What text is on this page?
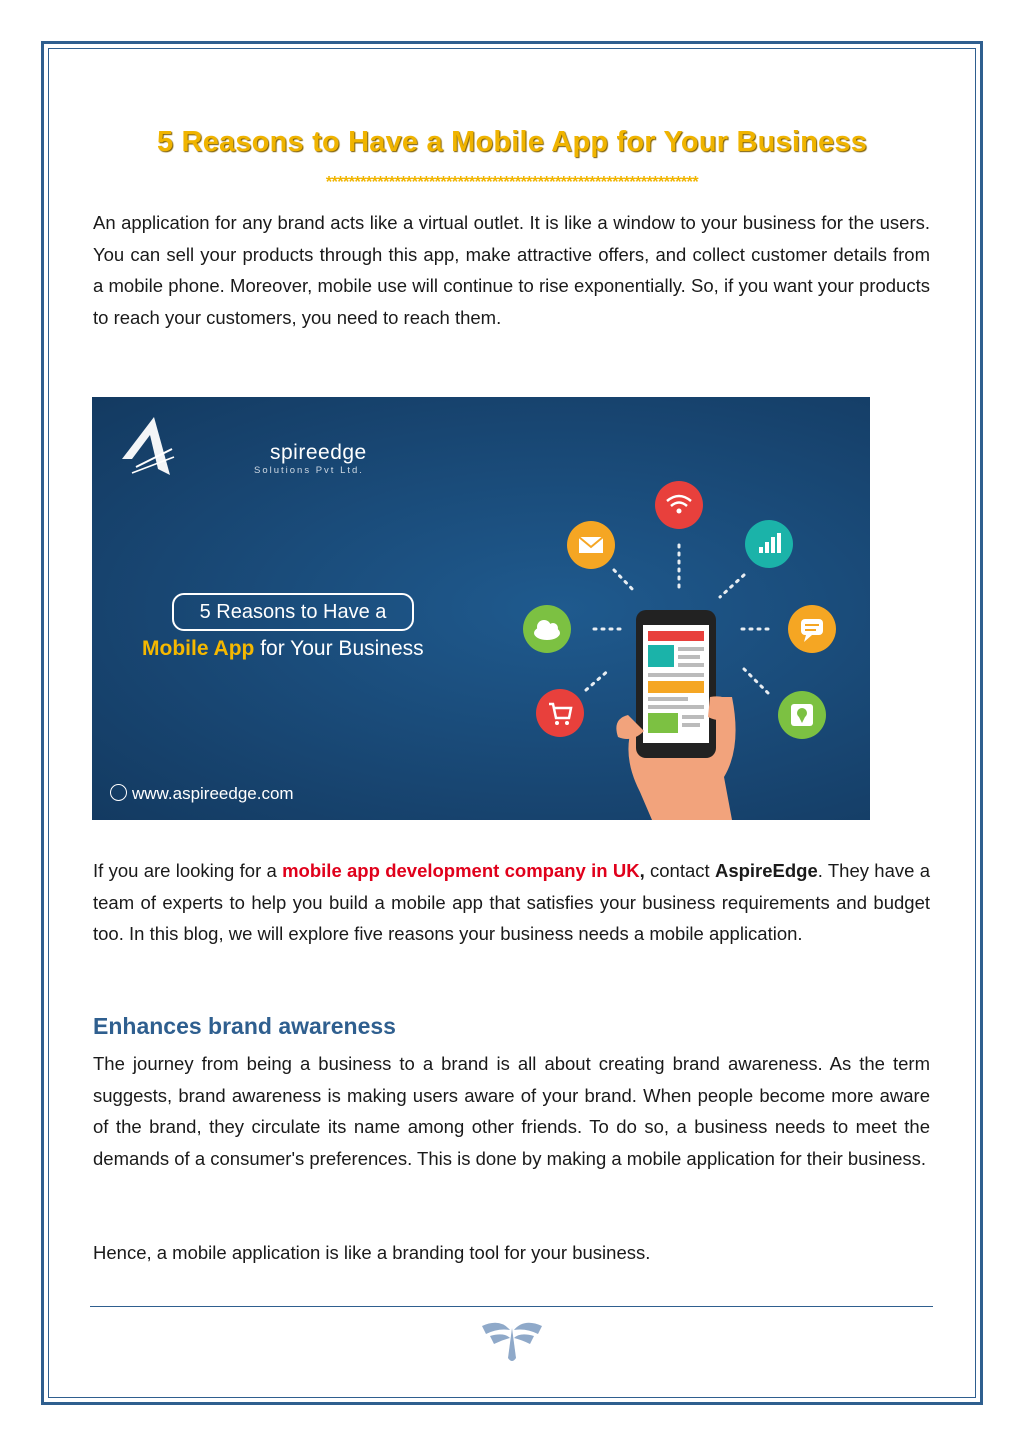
5 Reasons to Have a Mobile App for Your Business
*****************************************************************

An application for any brand acts like a virtual outlet. It is like a window to your business for the users. You can sell your products through this app, make attractive offers, and collect customer details from a mobile phone. Moreover, mobile use will continue to rise exponentially. So, if you want your products to reach your customers, you need to reach them.

spireedge
Solutions Pvt Ltd.
5 Reasons to Have a
Mobile App for Your Business
www.aspireedge.com

If you are looking for a mobile app development company in UK, contact AspireEdge. They have a team of experts to help you build a mobile app that satisfies your business requirements and budget too. In this blog, we will explore five reasons your business needs a mobile application.

Enhances brand awareness

The journey from being a business to a brand is all about creating brand awareness. As the term suggests, brand awareness is making users aware of your brand. When people become more aware of the brand, they circulate its name among other friends. To do so, a business needs to meet the demands of a consumer's preferences. This is done by making a mobile application for their business.

Hence, a mobile application is like a branding tool for your business.
